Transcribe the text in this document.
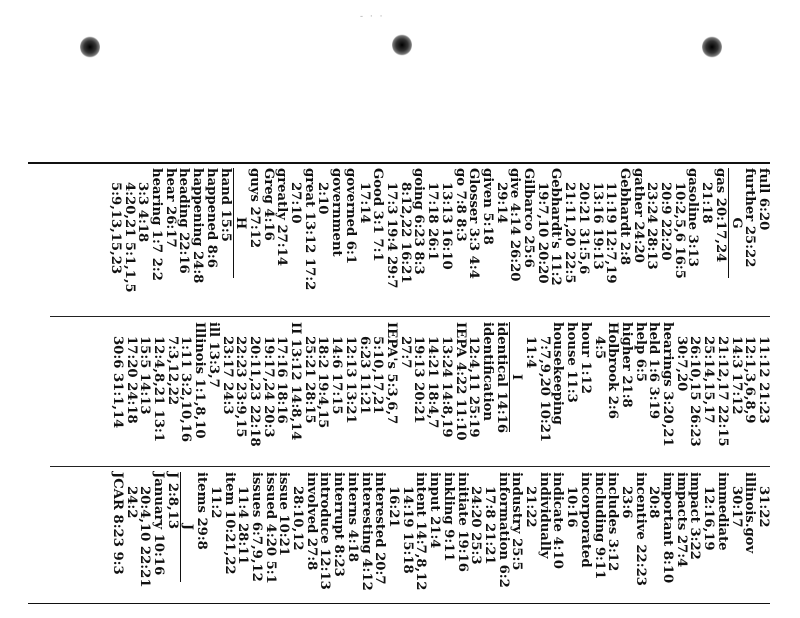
- · ·
full 6:20
further 25:22
G
gas 20:17,24
21:18
gasoline 3:13
10:2,5,6 16:5
20:9 22:20
23:24 28:13
gather 24:20
Gebhardt 2:8
11:19 12:7,19
13:16 19:13
20:21 31:5,6
21:11,20 22:5
Gebhardt's 11:2
19:7,10 20:20
Gilbarco 25:6
give 4:14 26:20
29:14
given 5:18
Glosser 3:3 4:4
go 7:8 8:3
13:13 16:10
17:18 26:1
going 6:23 8:3
8:12,22 16:21
17:3 19:4 29:7
Good 3:1 7:1
17:14
governed 6:1
government
2:10
great 13:12 17:2
27:10
greatly 27:14
Greg 4:16
guys 27:12
H
hand 15:5
happened 8:6
happening 24:8
heading 22:16
hear 26:17
hearing 1:7 2:2
3:3 4:18
4:20,21 5:1,1,5
5:9,13,15,23
11:12 21:23
12:1,3,6,8,9
14:3 17:12
21:12,17 22:15
25:14,15,17
26:10,15 26:23
30:7,20
hearings 3:20,21
held 1:6 3:19
help 6:5
higher 21:8
Holbrook 2:6
4:5
hour 1:12
house 11:3
housekeeping
7:7,9,20 10:21
11:4
I
identical 14:16
identification
12:4,11 25:19
IEPA 4:22 11:10
13:24 14:8,19
14:21 18:4,7
19:13 20:21
27:7
IEPA's 5:3,6,7
5:10,17,21
6:23 11:21
12:13 13:21
14:6 17:15
18:2 19:4,15
25:21 28:15
II 13:12 14:8,14
17:16 18:16
19:17,24 20:3
20:11,23 22:18
22:23 23:9,15
23:17 24:3
ill 13:3,7
Illinois 1:1,8,10
1:11 3:2,10,16
7:3,12,22
12:4,8,21 13:1
15:5 14:13
17:20 24:18
30:6 31:1,14
31:22
illinois.gov
30:17
immediate
12:16,19
impact 3:22
impacts 27:4
important 8:10
20:8
incentive 22:23
23:6
includes 3:12
including 9:11
incorporated
10:16
indicate 4:10
individually
21:22
industry 25:5
information 6:2
17:8 21:21
24:20 25:3
initiate 19:16
inkling 9:11
input 21:4
intent 14:7,8,12
14:19 15:18
16:21
interested 20:7
interesting 4:12
interns 4:18
interrupt 8:23
introduce 12:13
involved 27:8
28:10,12
issue 10:21
issued 4:20 5:1
issues 6:7,9,12
11:4 28:11
item 10:21,22
11:2
items 29:8
J
J 2:8,13
January 10:16
20:4,10 22:21
24:2
JCAR 8:23 9:3
